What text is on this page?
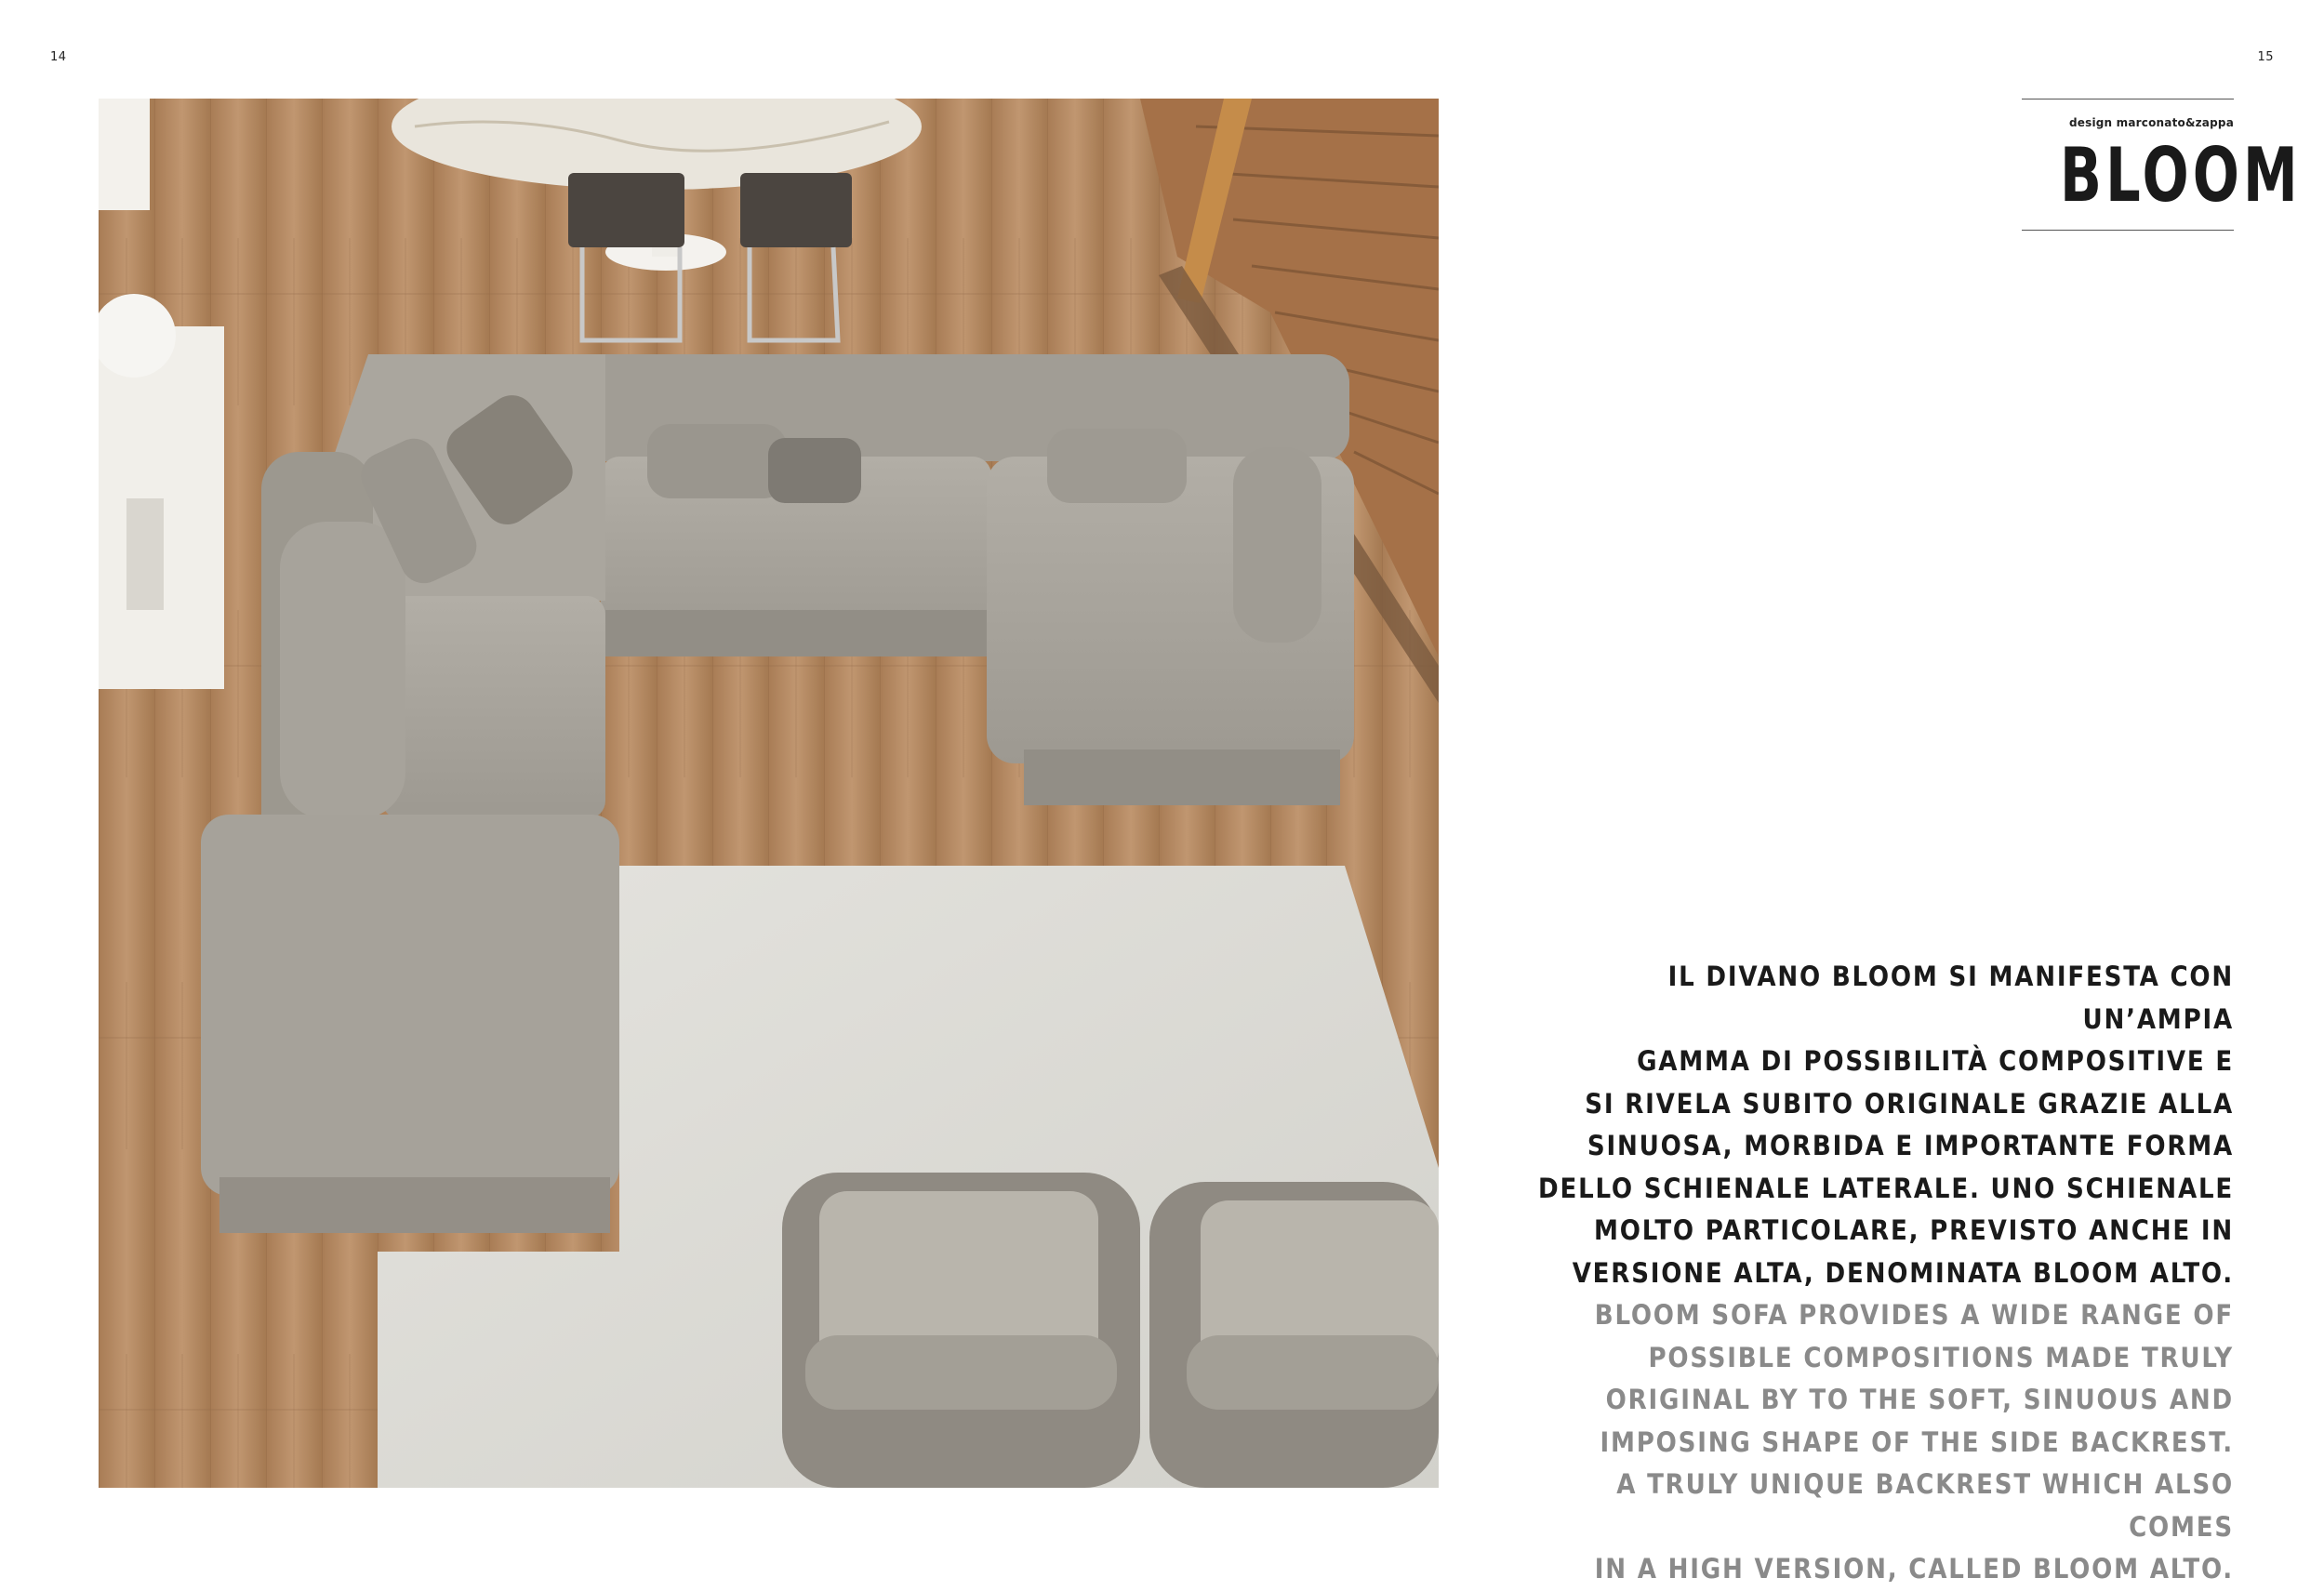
14	15
design marconato&zappa
BLOOM

IL DIVANO BLOOM SI MANIFESTA CON UN’AMPIA

GAMMA DI POSSIBILITÀ COMPOSITIVE E

SI RIVELA SUBITO ORIGINALE GRAZIE ALLA

SINUOSA, MORBIDA E IMPORTANTE FORMA

DELLO SCHIENALE LATERALE. UNO SCHIENALE

MOLTO PARTICOLARE, PREVISTO ANCHE IN

VERSIONE ALTA, DENOMINATA BLOOM ALTO.

BLOOM SOFA PROVIDES A WIDE RANGE OF

POSSIBLE COMPOSITIONS MADE TRULY

ORIGINAL BY TO THE SOFT, SINUOUS AND

IMPOSING SHAPE OF THE SIDE BACKREST.

A TRULY UNIQUE BACKREST WHICH ALSO COMES

IN A HIGH VERSION, CALLED BLOOM ALTO.
